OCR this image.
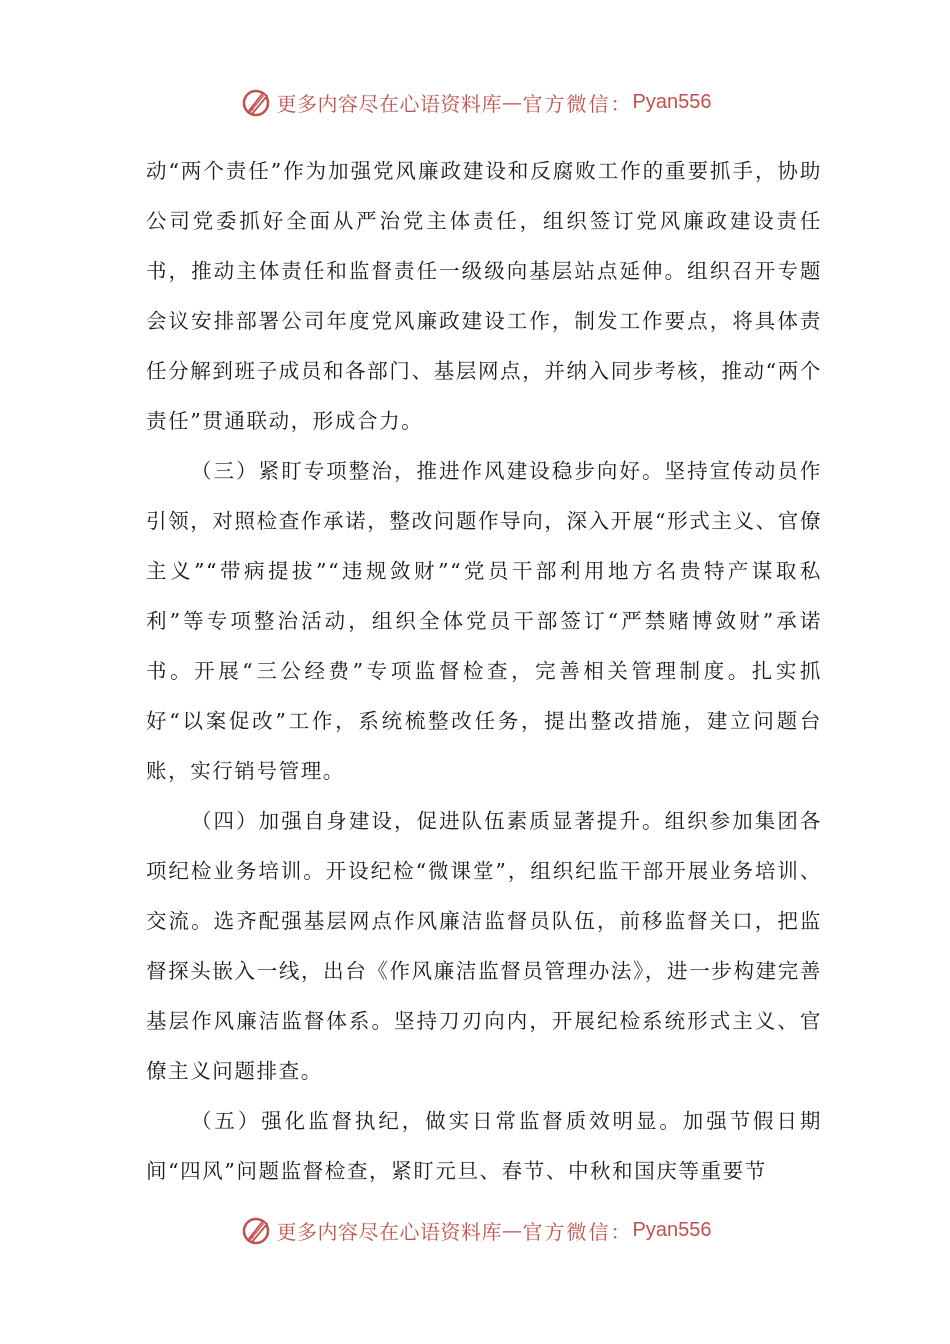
更多内容尽在心语资料库 — 官方微信： Pyan556

动“两个责任”作为加强党风廉政建设和反腐败工作的重要抓手，协助公司党委抓好全面从严治党主体责任，组织签订党风廉政建设责任书，推动主体责任和监督责任一级级向基层站点延伸。组织召开专题会议安排部署公司年度党风廉政建设工作，制发工作要点，将具体责任分解到班子成员和各部门、基层网点，并纳入同步考核，推动“两个责任”贯通联动，形成合力。

（三）紧盯专项整治，推进作风建设稳步向好。坚持宣传动员作引领，对照检查作承诺，整改问题作导向，深入开展“形式主义、官僚主义”“带病提拔”“违规敛财”“党员干部利用地方名贵特产谋取私利”等专项整治活动，组织全体党员干部签订“严禁赌博敛财”承诺书。开展“三公经费”专项监督检查，完善相关管理制度。扎实抓好“以案促改”工作，系统梳整改任务，提出整改措施，建立问题台账，实行销号管理。

（四）加强自身建设，促进队伍素质显著提升。组织参加集团各项纪检业务培训。开设纪检“微课堂”，组织纪监干部开展业务培训、交流。选齐配强基层网点作风廉洁监督员队伍，前移监督关口，把监督探头嵌入一线，出台《作风廉洁监督员管理办法》，进一步构建完善基层作风廉洁监督体系。坚持刀刃向内，开展纪检系统形式主义、官僚主义问题排查。

（五）强化监督执纪，做实日常监督质效明显。加强节假日期间“四风”问题监督检查，紧盯元旦、春节、中秋和国庆等重要节

更多内容尽在心语资料库 — 官方微信： Pyan556
